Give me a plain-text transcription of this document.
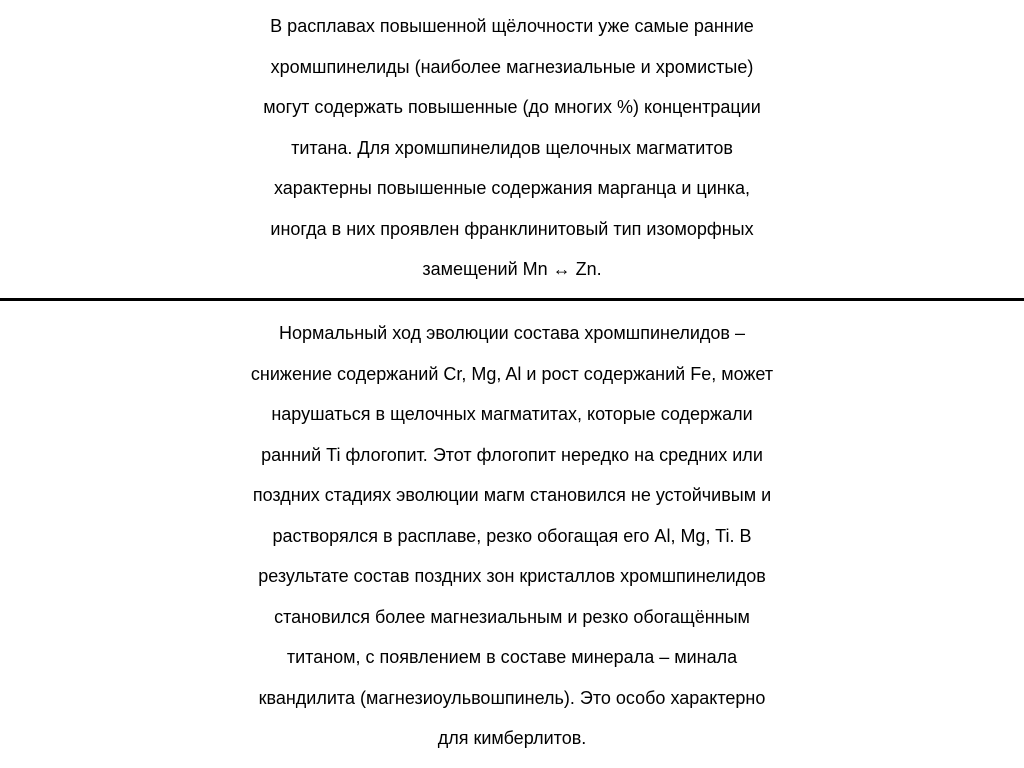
В расплавах повышенной щёлочности уже самые ранние
хромшпинелиды (наиболее магнезиальные и хромистые)
могут содержать повышенные (до многих %) концентрации
титана. Для хромшпинелидов щелочных магматитов
характерны повышенные содержания марганца и цинка,
иногда в них проявлен франклинитовый тип изоморфных
замещений Mn ↔ Zn.

Нормальный ход эволюции состава хромшпинелидов –
снижение содержаний Cr, Mg, Al и рост содержаний Fe, может
нарушаться в щелочных магматитах, которые содержали
ранний Ti флогопит. Этот флогопит нередко на средних или
поздних стадиях эволюции магм становился не устойчивым и
растворялся в расплаве, резко обогащая его Al, Mg, Ti. В
результате состав поздних зон кристаллов хромшпинелидов
становился более магнезиальным и резко обогащённым
титаном, с появлением в составе минерала – минала
квандилита (магнезиоульвошпинель). Это особо характерно
для кимберлитов.
